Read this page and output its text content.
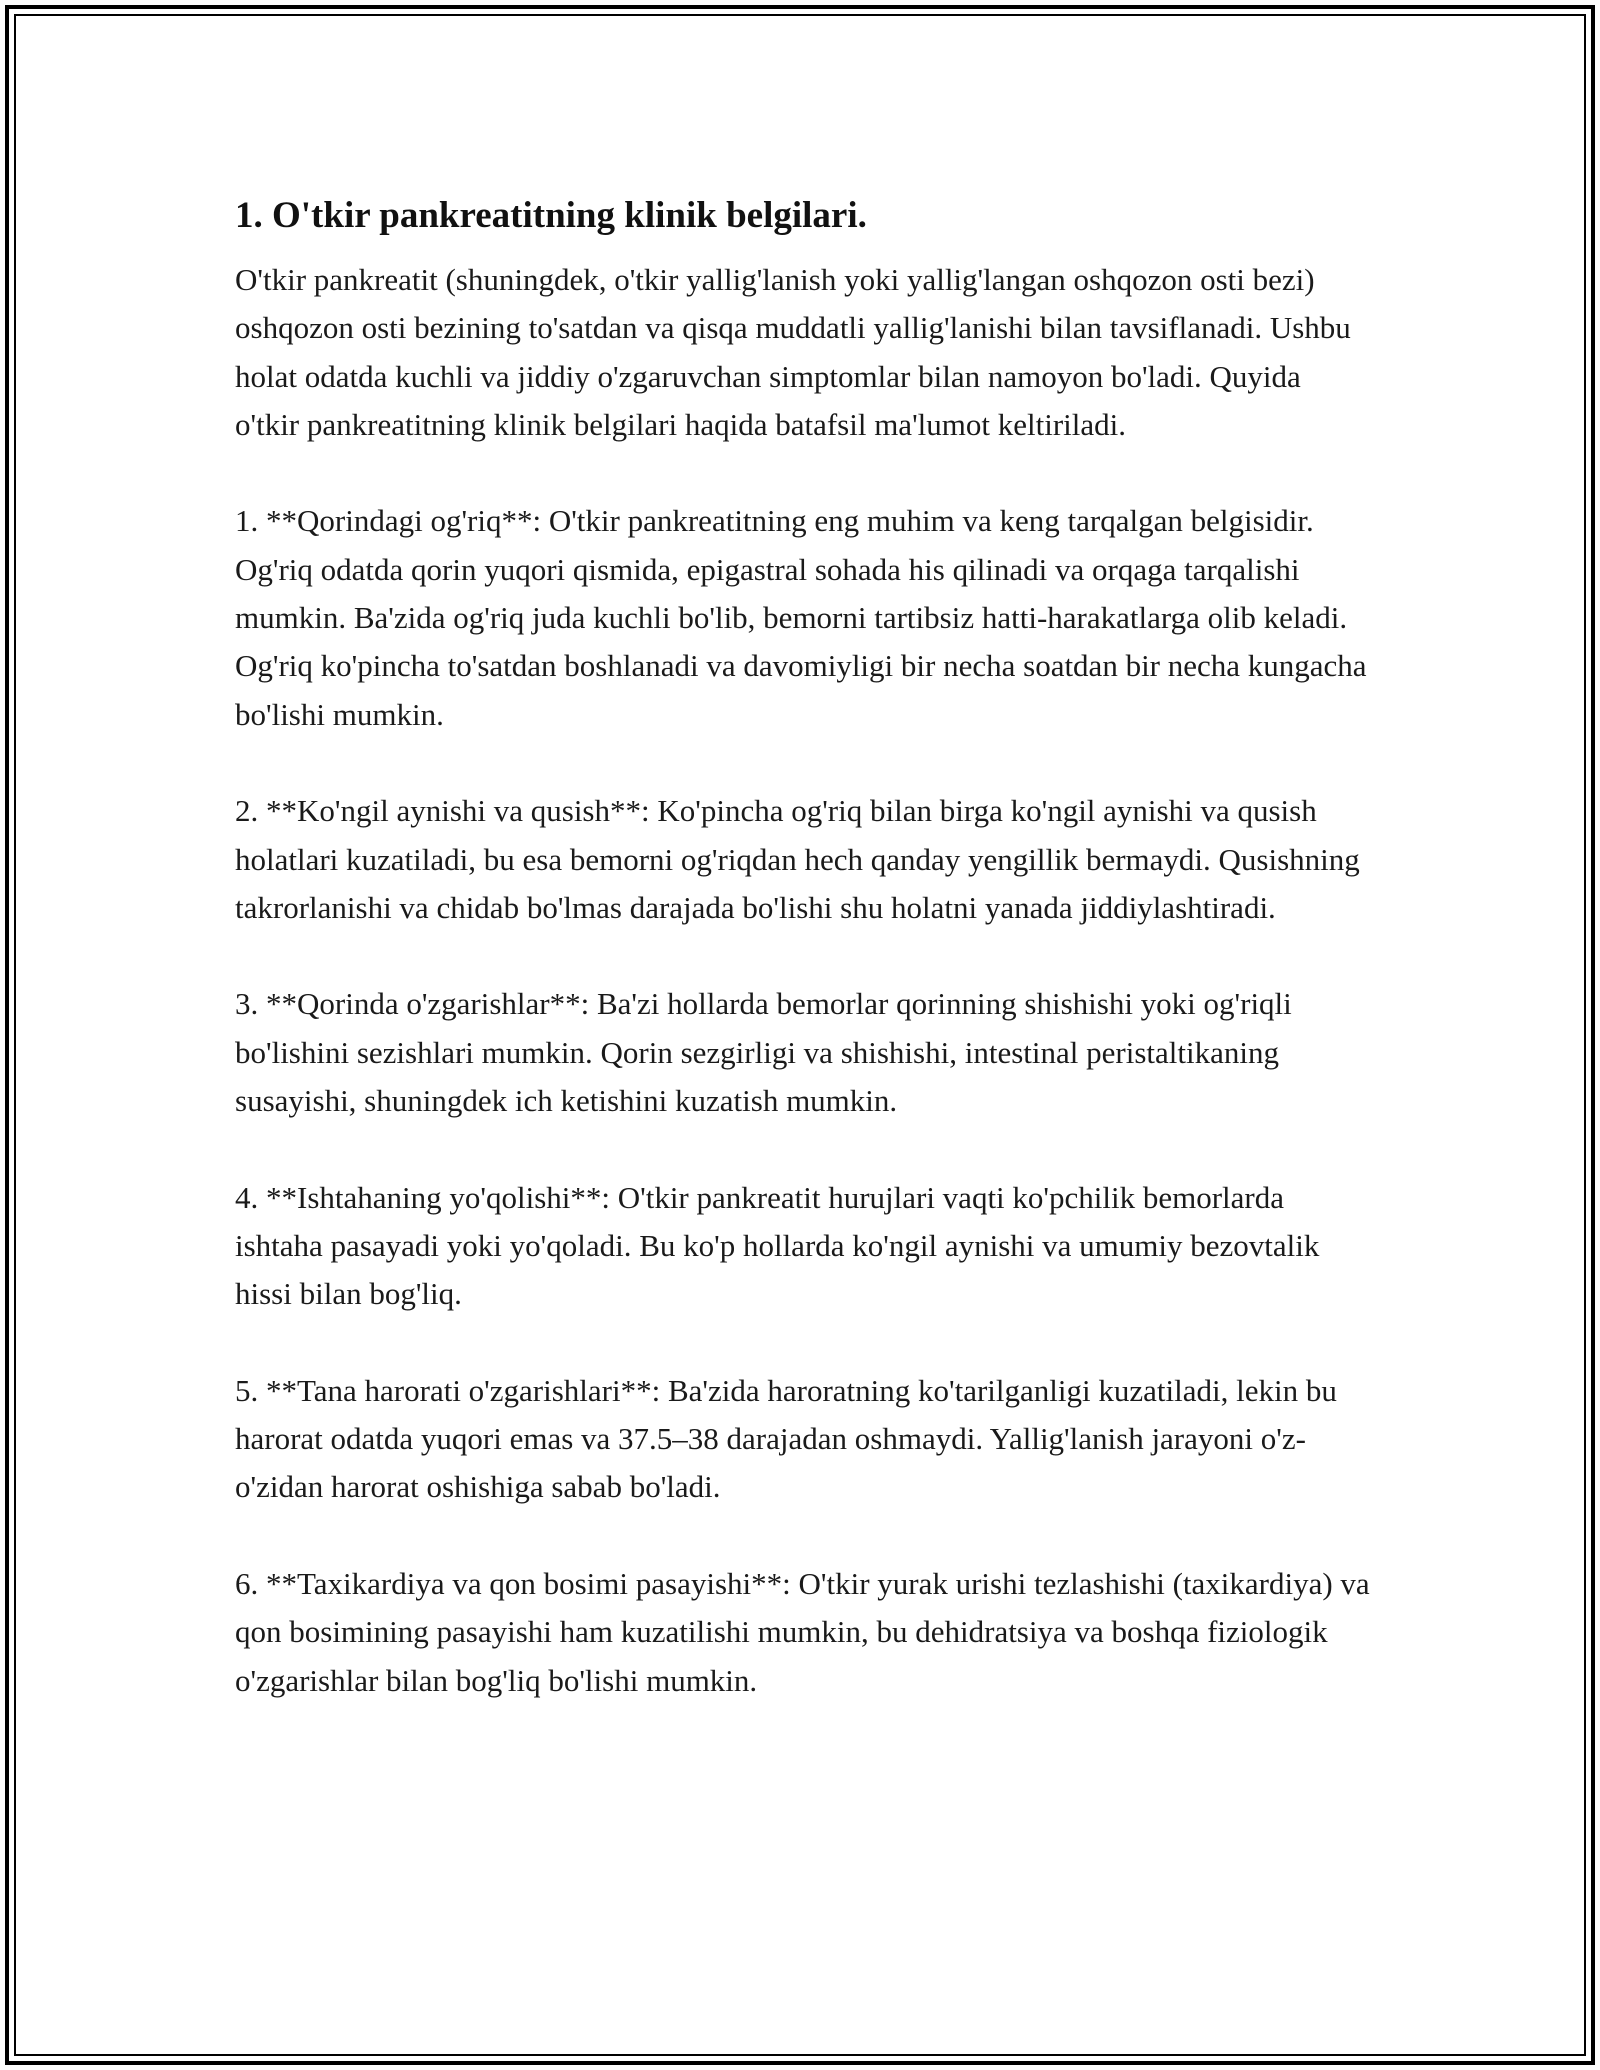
1. O'tkir pankreatitning klinik belgilari.

O'tkir pankreatit (shuningdek, o'tkir yallig'lanish yoki yallig'langan oshqozon osti bezi) oshqozon osti bezining to'satdan va qisqa muddatli yallig'lanishi bilan tavsiflanadi. Ushbu holat odatda kuchli va jiddiy o'zgaruvchan simptomlar bilan namoyon bo'ladi. Quyida o'tkir pankreatitning klinik belgilari haqida batafsil ma'lumot keltiriladi.

1. **Qorindagi og'riq**: O'tkir pankreatitning eng muhim va keng tarqalgan belgisidir. Og'riq odatda qorin yuqori qismida, epigastral sohada his qilinadi va orqaga tarqalishi mumkin. Ba'zida og'riq juda kuchli bo'lib, bemorni tartibsiz hatti-harakatlarga olib keladi. Og'riq ko'pincha to'satdan boshlanadi va davomiyligi bir necha soatdan bir necha kungacha bo'lishi mumkin.

2. **Ko'ngil aynishi va qusish**: Ko'pincha og'riq bilan birga ko'ngil aynishi va qusish holatlari kuzatiladi, bu esa bemorni og'riqdan hech qanday yengillik bermaydi. Qusishning takrorlanishi va chidab bo'lmas darajada bo'lishi shu holatni yanada jiddiylashtiradi.

3. **Qorinda o'zgarishlar**: Ba'zi hollarda bemorlar qorinning shishishi yoki og'riqli bo'lishini sezishlari mumkin. Qorin sezgirligi va shishishi, intestinal peristaltikaning susayishi, shuningdek ich ketishini kuzatish mumkin.

4. **Ishtahaning yo'qolishi**: O'tkir pankreatit hurujlari vaqti ko'pchilik bemorlarda ishtaha pasayadi yoki yo'qoladi. Bu ko'p hollarda ko'ngil aynishi va umumiy bezovtalik hissi bilan bog'liq.

5. **Tana harorati o'zgarishlari**: Ba'zida haroratning ko'tarilganligi kuzatiladi, lekin bu harorat odatda yuqori emas va 37.5–38 darajadan oshmaydi. Yallig'lanish jarayoni o'z-o'zidan harorat oshishiga sabab bo'ladi.

6. **Taxikardiya va qon bosimi pasayishi**: O'tkir yurak urishi tezlashishi (taxikardiya) va qon bosimining pasayishi ham kuzatilishi mumkin, bu dehidratsiya va boshqa fiziologik o'zgarishlar bilan bog'liq bo'lishi mumkin.
